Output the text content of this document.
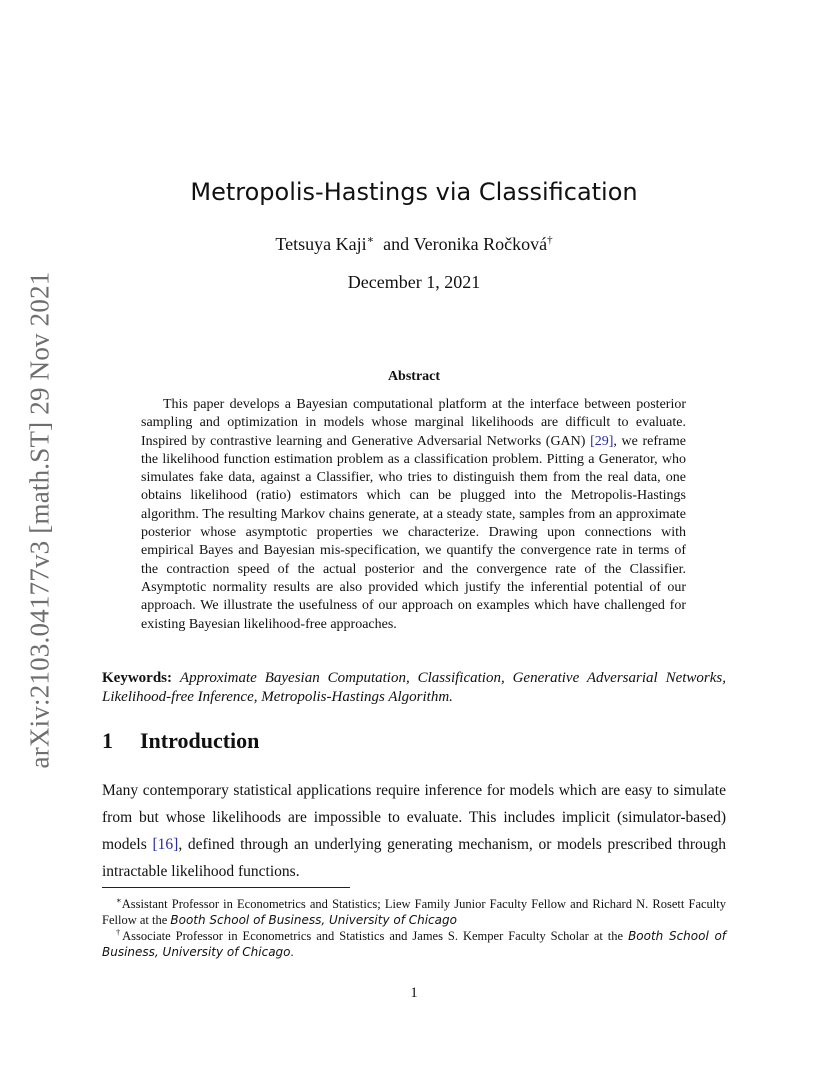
arXiv:2103.04177v3 [math.ST] 29 Nov 2021
Metropolis-Hastings via Classification
Tetsuya Kaji∗ and Veronika Ročková†
December 1, 2021
Abstract
This paper develops a Bayesian computational platform at the interface between posterior sampling and optimization in models whose marginal likelihoods are difficult to evaluate. Inspired by contrastive learning and Generative Adversarial Networks (GAN) [29], we reframe the likelihood function estimation problem as a classification problem. Pitting a Generator, who simulates fake data, against a Classifier, who tries to distinguish them from the real data, one obtains likelihood (ratio) estimators which can be plugged into the Metropolis-Hastings algorithm. The resulting Markov chains generate, at a steady state, samples from an approximate posterior whose asymptotic properties we characterize. Drawing upon connections with empirical Bayes and Bayesian mis-specification, we quantify the convergence rate in terms of the contraction speed of the actual posterior and the convergence rate of the Classifier. Asymptotic normality results are also provided which justify the inferential potential of our approach. We illustrate the usefulness of our approach on examples which have challenged for existing Bayesian likelihood-free approaches.
Keywords: Approximate Bayesian Computation, Classification, Generative Adversarial Networks, Likelihood-free Inference, Metropolis-Hastings Algorithm.
1 Introduction
Many contemporary statistical applications require inference for models which are easy to simulate from but whose likelihoods are impossible to evaluate. This includes implicit (simulator-based) models [16], defined through an underlying generating mechanism, or models prescribed through intractable likelihood functions.
∗Assistant Professor in Econometrics and Statistics; Liew Family Junior Faculty Fellow and Richard N. Rosett Faculty Fellow at the Booth School of Business, University of Chicago
†Associate Professor in Econometrics and Statistics and James S. Kemper Faculty Scholar at the Booth School of Business, University of Chicago.
1
